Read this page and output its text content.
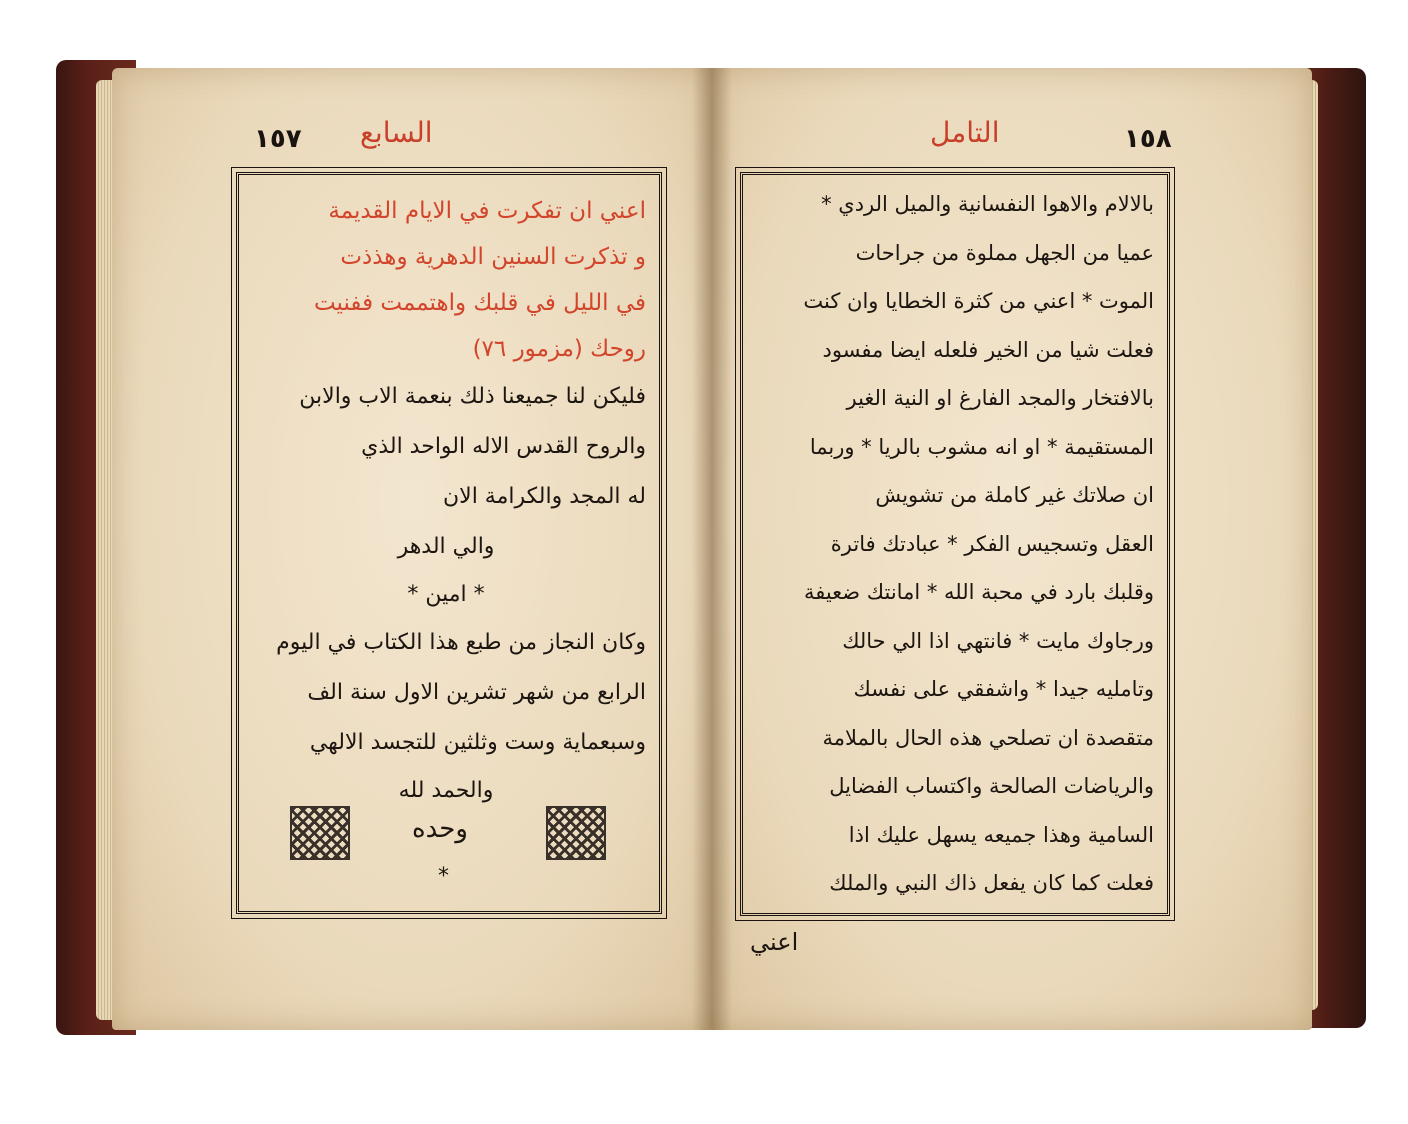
السابع
١٥٧
اعني ان تفكرت في الايام القديمة
و تذكرت السنين الدهرية وهذذت
في الليل في قلبك واهتممت ففنيت
روحك (مزمور ٧٦)
فليكن لنا جميعنا ذلك بنعمة الاب والابن
والروح القدس الاله الواحد الذي
له المجد والكرامة الان
والي الدهر
* امين *
وكان النجاز من طبع هذا الكتاب في اليوم
الرابع من شهر تشرين الاول سنة الف
وسبعماية وست وثلثين للتجسد الالهي
والحمد لله
وحده
*
التامل	١٥٨
بالالام والاهوا النفسانية والميل الردي *
عميا من الجهل مملوة من جراحات
الموت * اعني من كثرة الخطايا وان كنت
فعلت شيا من الخير فلعله ايضا مفسود
بالافتخار والمجد الفارغ او النية الغير
المستقيمة * او انه مشوب بالريا * وربما
ان صلاتك غير كاملة من تشويش
العقل وتسجيس الفكر * عبادتك فاترة
وقلبك بارد في محبة الله * امانتك ضعيفة
ورجاوك مايت * فانتهي اذا الي حالك
وتامليه جيدا * واشفقي على نفسك
متقصدة ان تصلحي هذه الحال بالملامة
والرياضات الصالحة واكتساب الفضايل
السامية وهذا جميعه يسهل عليك اذا
فعلت كما كان يفعل ذاك النبي والملك
اعني
